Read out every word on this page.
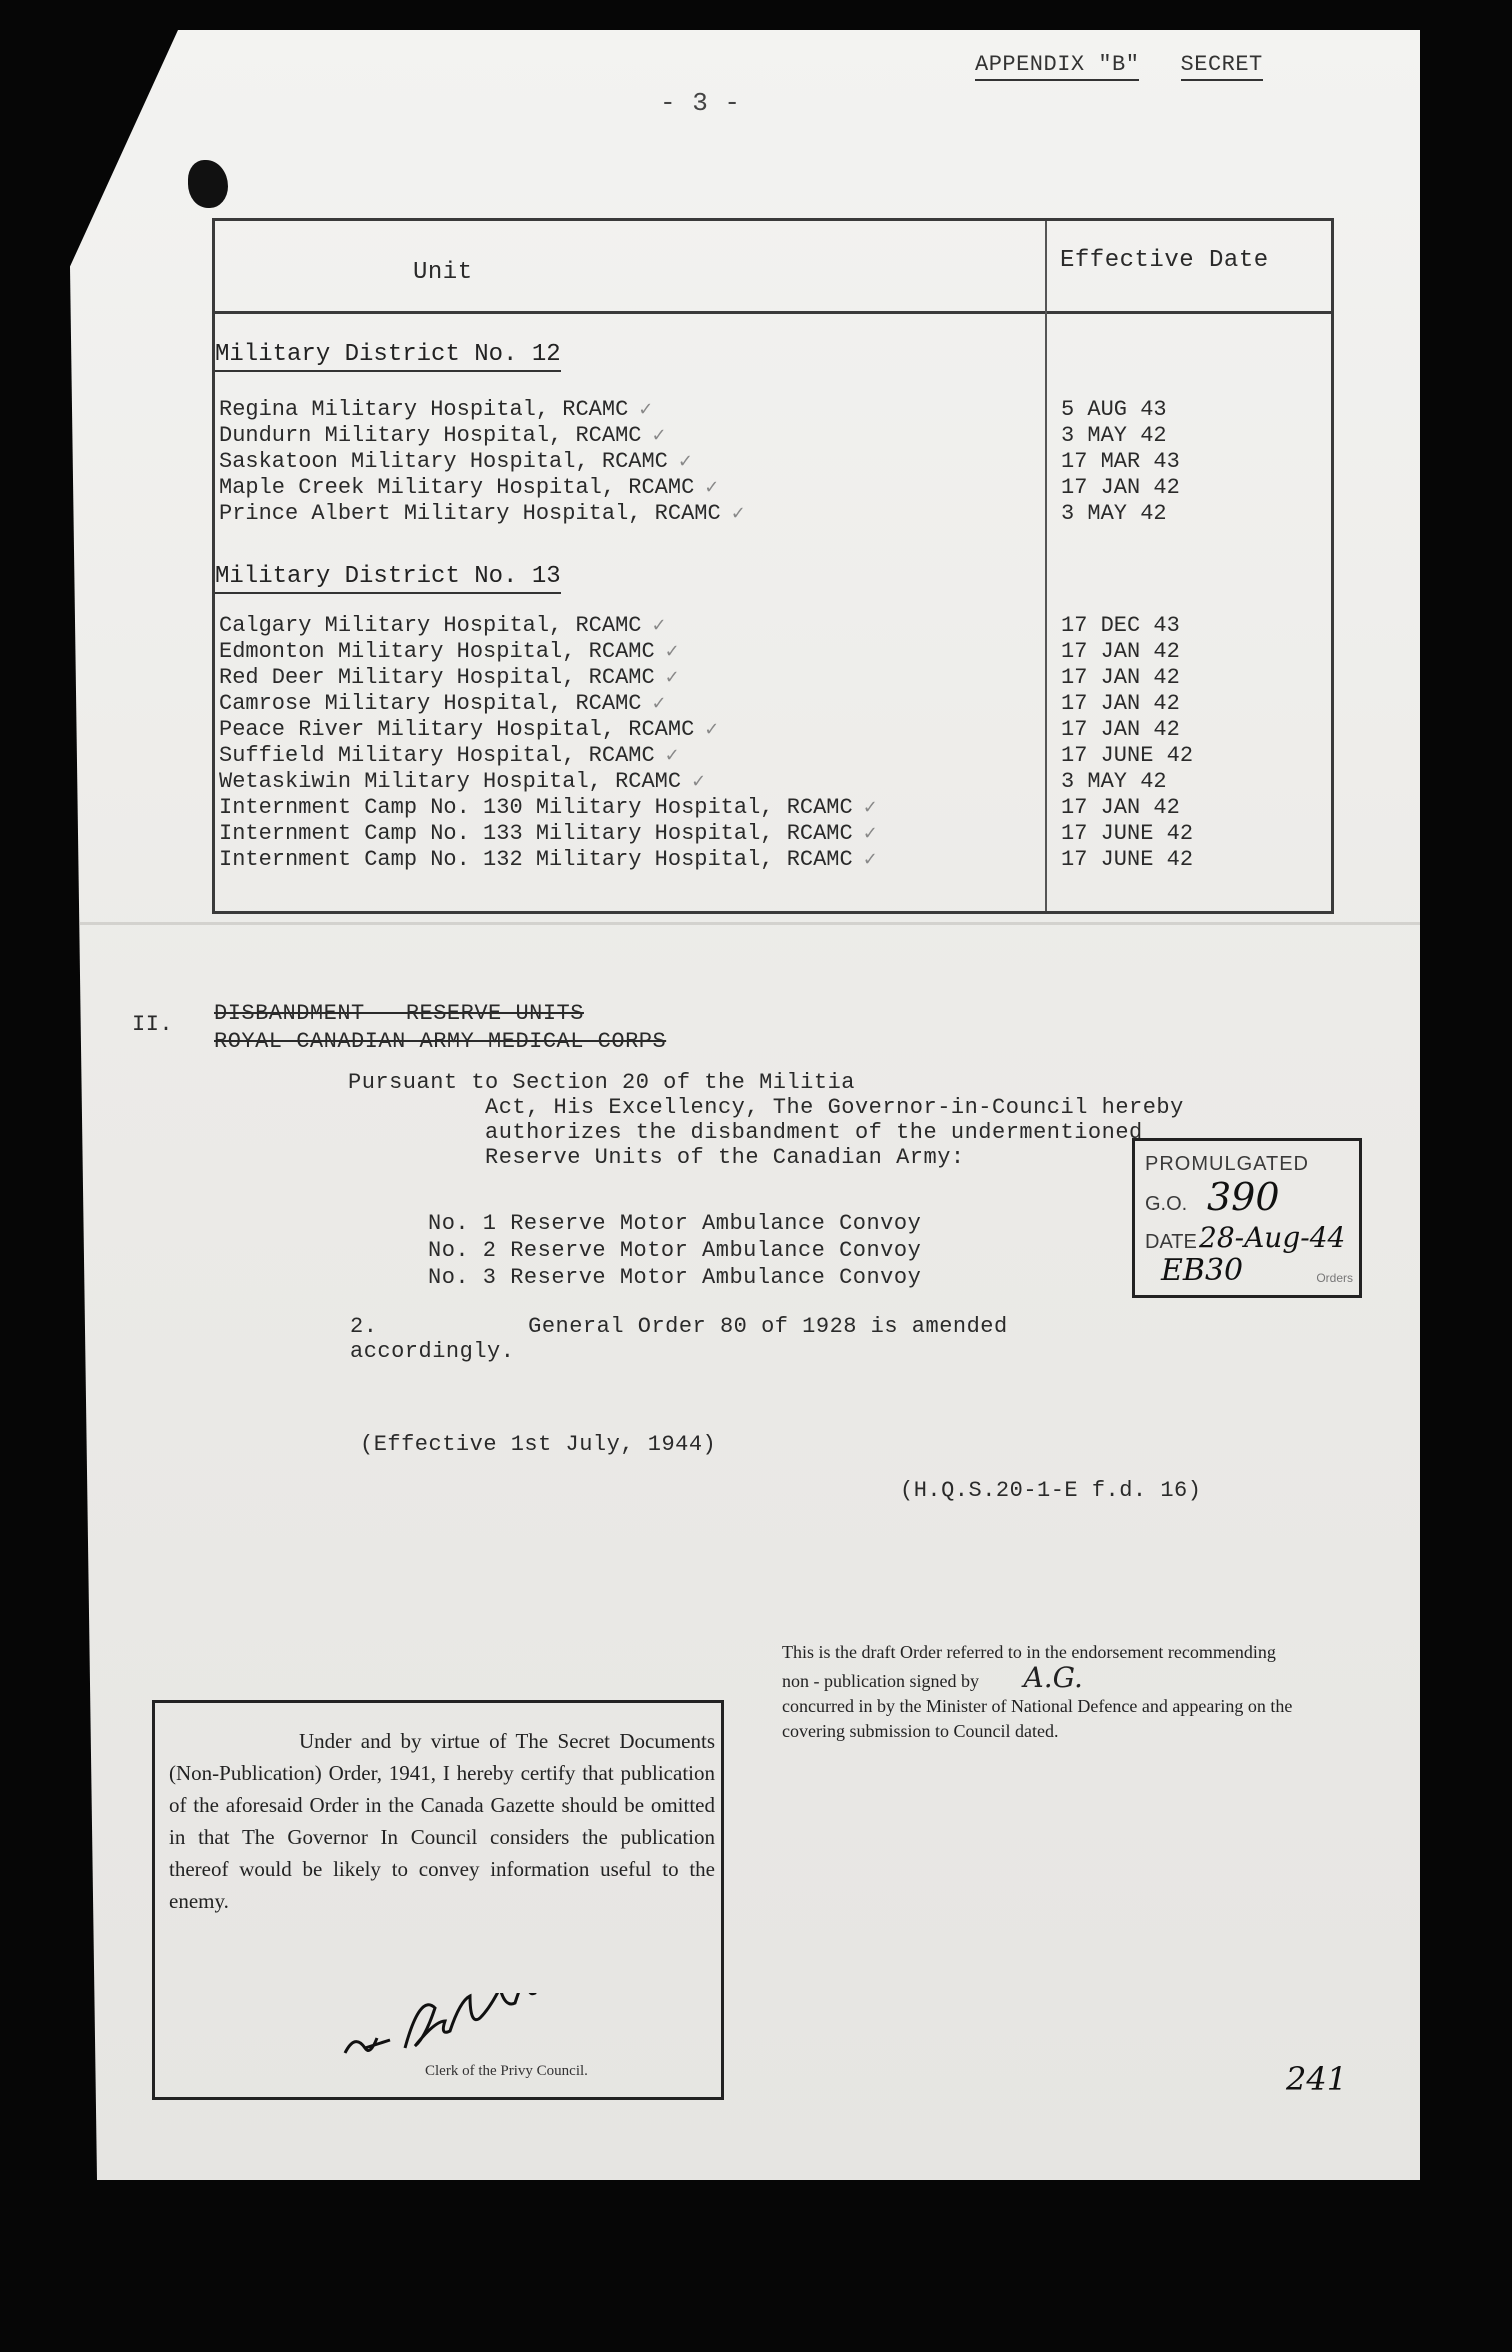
APPENDIX "B" SECRET
- 3 -
Unit	Effective Date
Military District No. 12
Regina Military Hospital, RCAMC ✓	5 AUG 43
Dundurn Military Hospital, RCAMC ✓	3 MAY 42
Saskatoon Military Hospital, RCAMC ✓	17 MAR 43
Maple Creek Military Hospital, RCAMC ✓	17 JAN 42
Prince Albert Military Hospital, RCAMC ✓	3 MAY 42
Military District No. 13
Calgary Military Hospital, RCAMC ✓	17 DEC 43
Edmonton Military Hospital, RCAMC ✓	17 JAN 42
Red Deer Military Hospital, RCAMC ✓	17 JAN 42
Camrose Military Hospital, RCAMC ✓	17 JAN 42
Peace River Military Hospital, RCAMC ✓	17 JAN 42
Suffield Military Hospital, RCAMC ✓	17 JUNE 42
Wetaskiwin Military Hospital, RCAMC ✓	3 MAY 42
Internment Camp No. 130 Military Hospital, RCAMC ✓	17 JAN 42
Internment Camp No. 133 Military Hospital, RCAMC ✓	17 JUNE 42
Internment Camp No. 132 Military Hospital, RCAMC ✓	17 JUNE 42
II. DISBANDMENT - RESERVE UNITS
ROYAL CANADIAN ARMY MEDICAL CORPS
Pursuant to Section 20 of the Militia
Act, His Excellency, The Governor-in-Council hereby
authorizes the disbandment of the undermentioned
Reserve Units of the Canadian Army:
No. 1 Reserve Motor Ambulance Convoy
No. 2 Reserve Motor Ambulance Convoy
No. 3 Reserve Motor Ambulance Convoy
2.           General Order 80 of 1928 is amended
accordingly.
(Effective 1st July, 1944)
(H.Q.S.20-1-E f.d. 16)
PROMULGATED
G.O. 390
DATE 28-Aug-44
EB30	Orders
This is the draft Order referred to in the endorsement recommending non - publication signed by A.G.
concurred in by the Minister of National Defence and appearing on the covering submission to Council dated.
Under and by virtue of The Secret Documents (Non-Publication) Order, 1941, I hereby certify that publication of the aforesaid Order in the Canada Gazette should be omitted in that The Governor In Council considers the publication thereof would be likely to convey information useful to the enemy.
Clerk of the Privy Council.	241
